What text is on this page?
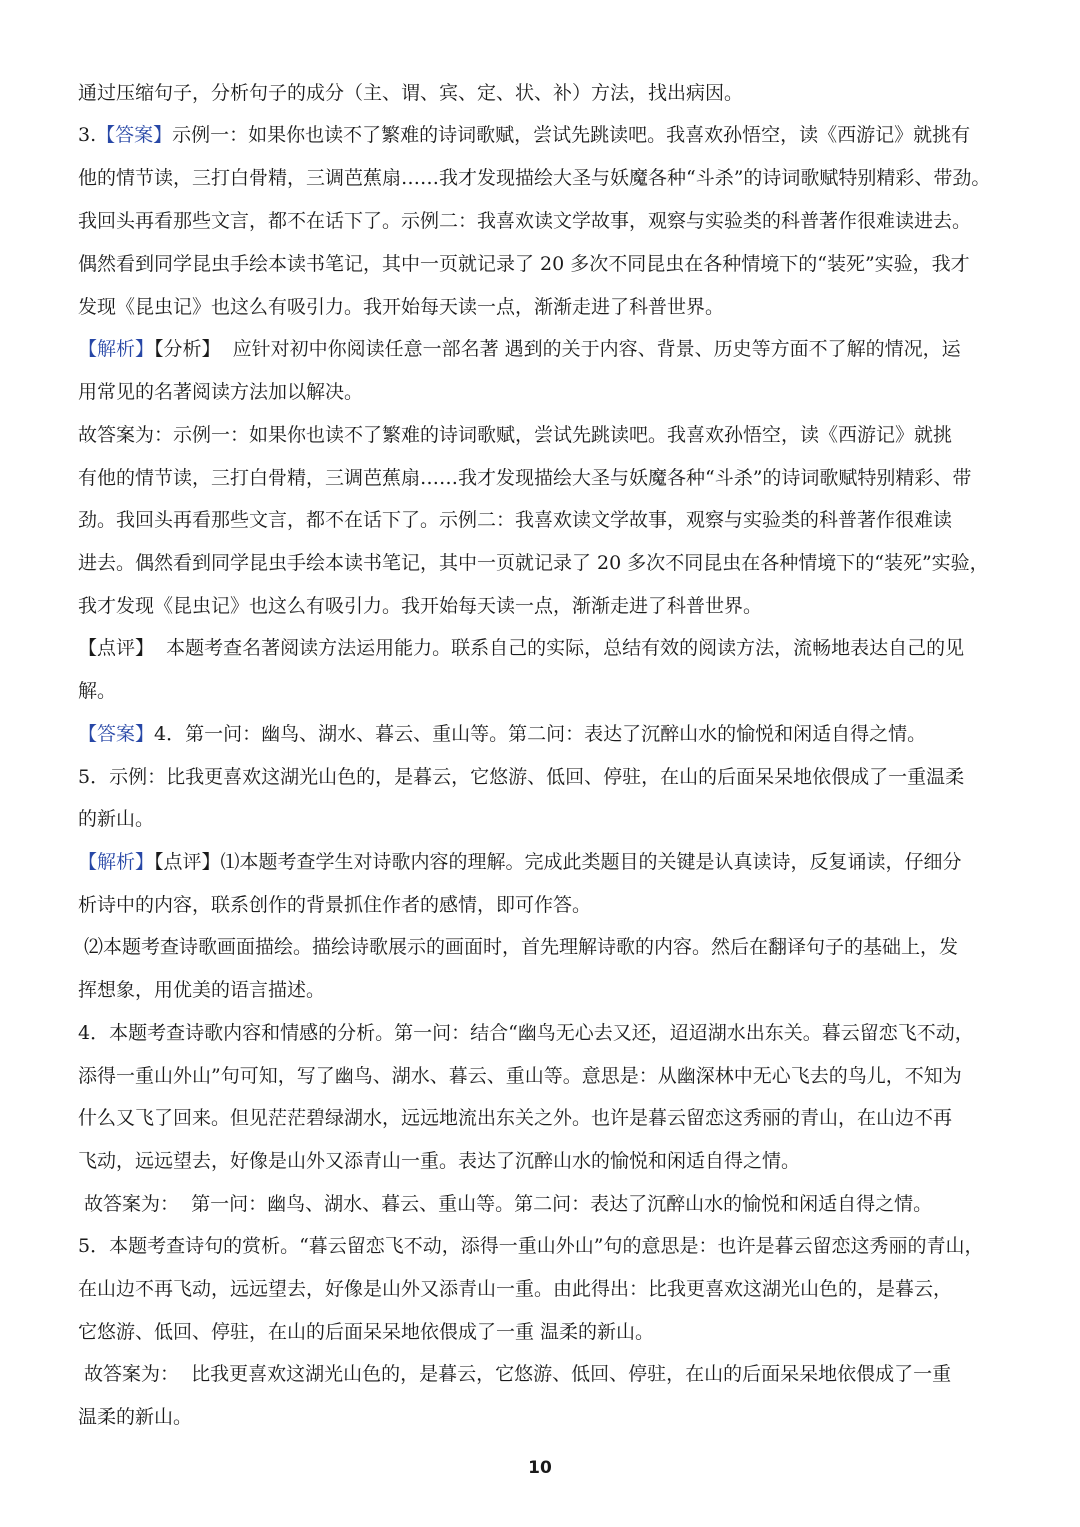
通过压缩句子，分析句子的成分（主、谓、宾、定、状、补）方法，找出病因。
3.【答案】示例一：如果你也读不了繁难的诗词歌赋，尝试先跳读吧。我喜欢孙悟空，读《西游记》就挑有
他的情节读，三打白骨精，三调芭蕉扇……我才发现描绘大圣与妖魔各种“斗杀”的诗词歌赋特别精彩、带劲。
我回头再看那些文言，都不在话下了。示例二：我喜欢读文学故事，观察与实验类的科普著作很难读进去。
偶然看到同学昆虫手绘本读书笔记，其中一页就记录了 20 多次不同昆虫在各种情境下的“装死”实验，我才
发现《昆虫记》也这么有吸引力。我开始每天读一点，渐渐走进了科普世界。
【解析】【分析】  应针对初中你阅读任意一部名著 遇到的关于内容、背景、历史等方面不了解的情况，运
用常见的名著阅读方法加以解决。
故答案为：示例一：如果你也读不了繁难的诗词歌赋，尝试先跳读吧。我喜欢孙悟空，读《西游记》就挑
有他的情节读，三打白骨精，三调芭蕉扇……我才发现描绘大圣与妖魔各种“斗杀”的诗词歌赋特别精彩、带
劲。我回头再看那些文言，都不在话下了。示例二：我喜欢读文学故事，观察与实验类的科普著作很难读
进去。偶然看到同学昆虫手绘本读书笔记，其中一页就记录了 20 多次不同昆虫在各种情境下的“装死”实验，
我才发现《昆虫记》也这么有吸引力。我开始每天读一点，渐渐走进了科普世界。
【点评】  本题考查名著阅读方法运用能力。联系自己的实际，总结有效的阅读方法，流畅地表达自己的见
解。
【答案】4．第一问：幽鸟、湖水、暮云、重山等。第二问：表达了沉醉山水的愉悦和闲适自得之情。
5．示例：比我更喜欢这湖光山色的，是暮云，它悠游、低回、停驻，在山的后面呆呆地依偎成了一重温柔
的新山。
【解析】【点评】⑴本题考查学生对诗歌内容的理解。完成此类题目的关键是认真读诗，反复诵读，仔细分
析诗中的内容，联系创作的背景抓住作者的感情，即可作答。
⑵本题考查诗歌画面描绘。描绘诗歌展示的画面时，首先理解诗歌的内容。然后在翻译句子的基础上，发
挥想象，用优美的语言描述。
4．本题考查诗歌内容和情感的分析。第一问：结合“幽鸟无心去又还，迢迢湖水出东关。暮云留恋飞不动，
添得一重山外山”句可知，写了幽鸟、湖水、暮云、重山等。意思是：从幽深林中无心飞去的鸟儿，不知为
什么又飞了回来。但见茫茫碧绿湖水，远远地流出东关之外。也许是暮云留恋这秀丽的青山，在山边不再
飞动，远远望去，好像是山外又添青山一重。表达了沉醉山水的愉悦和闲适自得之情。
故答案为：  第一问：幽鸟、湖水、暮云、重山等。第二问：表达了沉醉山水的愉悦和闲适自得之情。
5．本题考查诗句的赏析。“暮云留恋飞不动，添得一重山外山”句的意思是：也许是暮云留恋这秀丽的青山，
在山边不再飞动，远远望去，好像是山外又添青山一重。由此得出：比我更喜欢这湖光山色的，是暮云，
它悠游、低回、停驻，在山的后面呆呆地依偎成了一重 温柔的新山。
故答案为：  比我更喜欢这湖光山色的，是暮云，它悠游、低回、停驻，在山的后面呆呆地依偎成了一重
温柔的新山。
10
